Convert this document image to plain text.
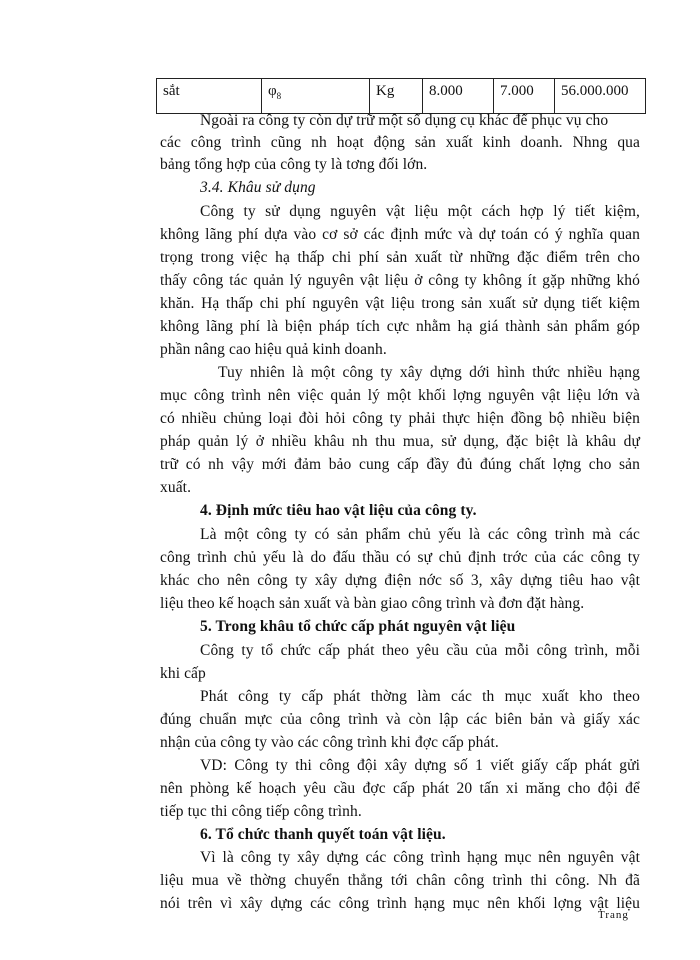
sắt	$\varphi_8$	Kg	8.000	7.000	56.000.000
Ngoài ra công ty còn dự trữ một số dụng cụ khác để phục vụ cho
các công trình cũng nh hoạt động sản xuất kinh doanh. Nhng qua
bảng tổng hợp của công ty là tơng đối lớn.
3.4. Khâu sử dụng
Công ty sử dụng nguyên vật liệu một cách hợp lý tiết kiệm,
không lãng phí dựa vào cơ sở các định mức và dự toán có ý nghĩa quan
trọng trong việc hạ thấp chi phí sản xuất từ những đặc điểm trên cho
thấy công tác quản lý nguyên vật liệu ở công ty không ít gặp những khó
khăn. Hạ thấp chi phí nguyên vật liệu trong sản xuất sử dụng tiết kiệm
không lãng phí là biện pháp tích cực nhằm hạ giá thành sản phẩm góp
phần nâng cao hiệu quả kinh doanh.
Tuy nhiên là một công ty xây dựng dới hình thức nhiều hạng
mục công trình nên việc quản lý một khối lợng nguyên vật liệu lớn và
có nhiều chủng loại đòi hỏi công ty phải thực hiện đồng bộ nhiều biện
pháp quản lý ở nhiều khâu nh thu mua, sử dụng, đặc biệt là khâu dự
trữ có nh vậy mới đảm bảo cung cấp đầy đủ đúng chất lợng cho sản
xuất.
4. Định mức tiêu hao vật liệu của công ty.
Là một công ty có sản phẩm chủ yếu là các công trình mà các
công trình chủ yếu là do đấu thầu có sự chủ định trớc của các công ty
khác cho nên công ty xây dựng điện nớc số 3, xây dựng tiêu hao vật
liệu theo kế hoạch sản xuất và bàn giao công trình và đơn đặt hàng.
5. Trong khâu tổ chức cấp phát nguyên vật liệu
Công ty tổ chức cấp phát theo yêu cầu của mỗi công trình, mỗi
khi cấp
Phát công ty cấp phát thờng làm các th mục xuất kho theo
đúng chuẩn mực của công trình và còn lập các biên bản và giấy xác
nhận của công ty vào các công trình khi đợc cấp phát.
VD: Công ty thi công đội xây dựng số 1 viết giấy cấp phát gửi
nên phòng kế hoạch yêu cầu đợc cấp phát 20 tấn xi măng cho đội để
tiếp tục thi công tiếp công trình.
6. Tổ chức thanh quyết toán vật liệu.
Vì là công ty xây dựng các công trình hạng mục nên nguyên vật
liệu mua về thờng chuyển thẳng tới chân công trình thi công. Nh đã
nói trên vì xây dựng các công trình hạng mục nên khối lợng vật liệu
Trang
